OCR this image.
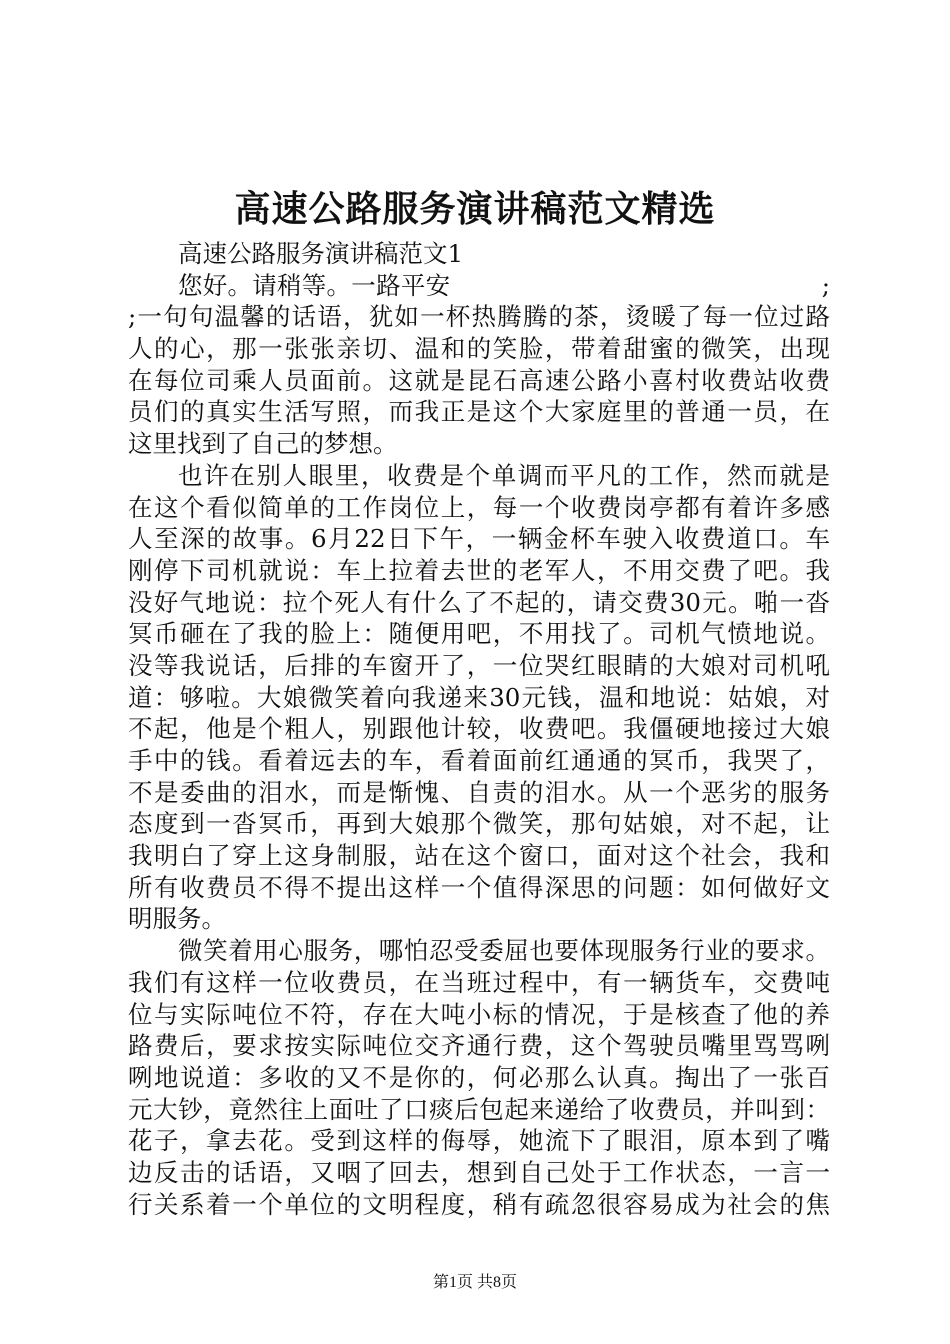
高速公路服务演讲稿范文精选
高速公路服务演讲稿范文1
您好。请稍等。一路平安　　　　　　　　　　　　　　　;
;一句句温馨的话语，犹如一杯热腾腾的茶，烫暖了每一位过路
人的心，那一张张亲切、温和的笑脸，带着甜蜜的微笑，出现
在每位司乘人员面前。这就是昆石高速公路小喜村收费站收费
员们的真实生活写照，而我正是这个大家庭里的普通一员，在
这里找到了自己的梦想。
也许在别人眼里，收费是个单调而平凡的工作，然而就是
在这个看似简单的工作岗位上，每一个收费岗亭都有着许多感
人至深的故事。6月22日下午，一辆金杯车驶入收费道口。车
刚停下司机就说：车上拉着去世的老军人，不用交费了吧。我
没好气地说：拉个死人有什么了不起的，请交费30元。啪一沓
冥币砸在了我的脸上：随便用吧，不用找了。司机气愤地说。
没等我说话，后排的车窗开了，一位哭红眼睛的大娘对司机吼
道：够啦。大娘微笑着向我递来30元钱，温和地说：姑娘，对
不起，他是个粗人，别跟他计较，收费吧。我僵硬地接过大娘
手中的钱。看着远去的车，看着面前红通通的冥币，我哭了，
不是委曲的泪水，而是惭愧、自责的泪水。从一个恶劣的服务
态度到一沓冥币，再到大娘那个微笑，那句姑娘，对不起，让
我明白了穿上这身制服，站在这个窗口，面对这个社会，我和
所有收费员不得不提出这样一个值得深思的问题：如何做好文
明服务。
微笑着用心服务，哪怕忍受委屈也要体现服务行业的要求。
我们有这样一位收费员，在当班过程中，有一辆货车，交费吨
位与实际吨位不符，存在大吨小标的情况，于是核查了他的养
路费后，要求按实际吨位交齐通行费，这个驾驶员嘴里骂骂咧
咧地说道：多收的又不是你的，何必那么认真。掏出了一张百
元大钞，竟然往上面吐了口痰后包起来递给了收费员，并叫到：
花子，拿去花。受到这样的侮辱，她流下了眼泪，原本到了嘴
边反击的话语，又咽了回去，想到自己处于工作状态，一言一
行关系着一个单位的文明程度，稍有疏忽很容易成为社会的焦
第1页 共8页
